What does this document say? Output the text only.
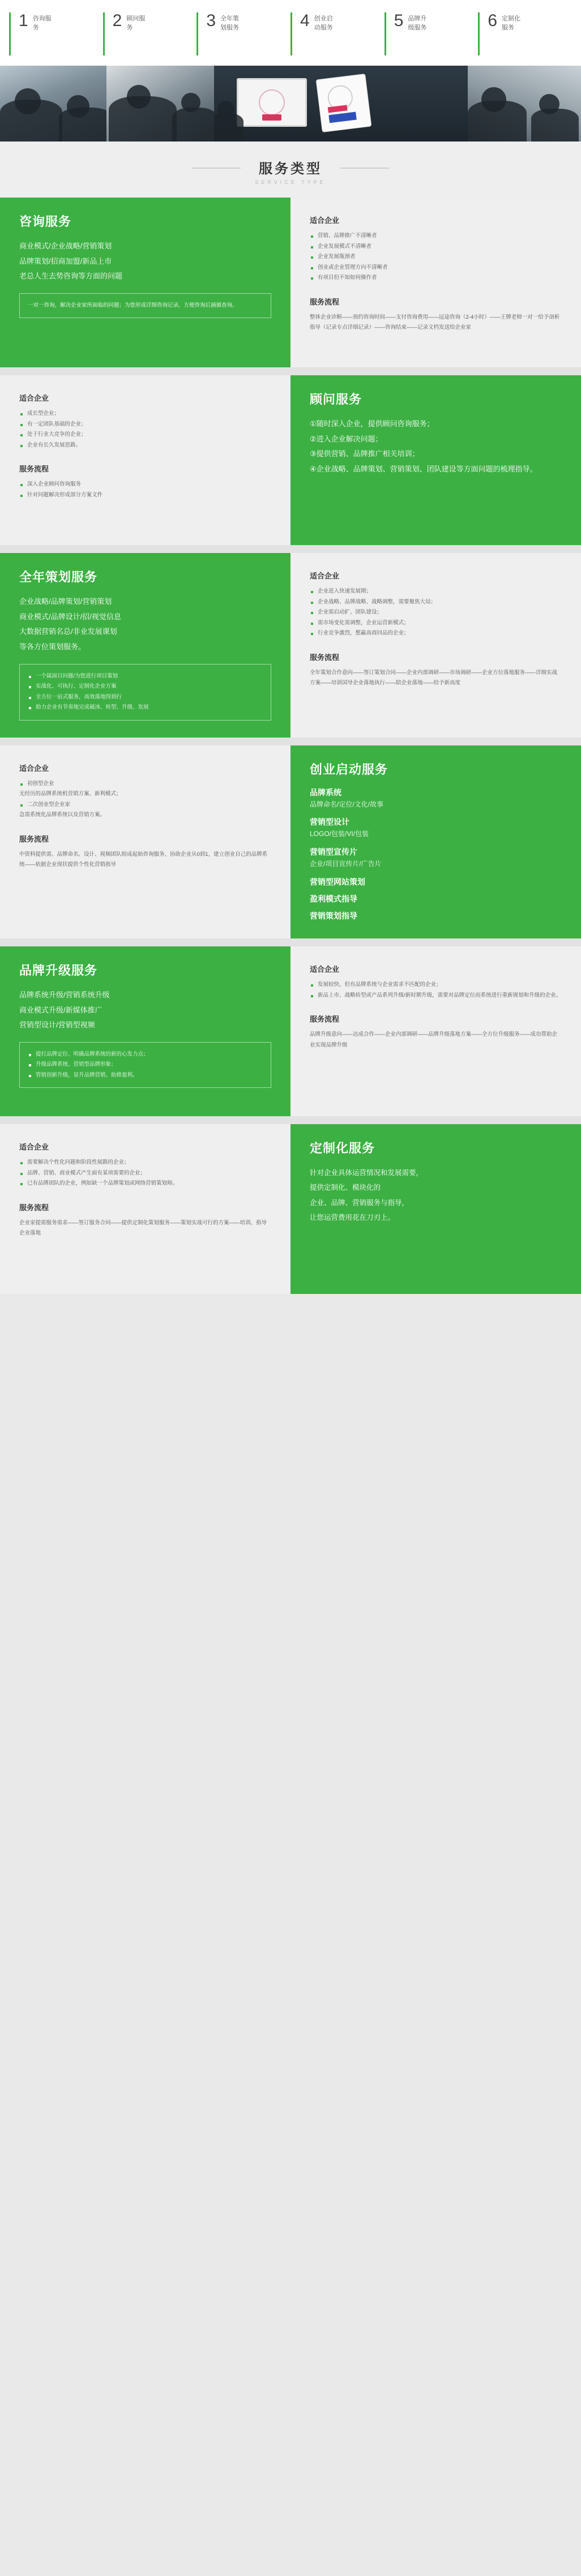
1 咨询服务	2 顾问服务	3 全年策划服务	4 创业启动服务	5 品牌升级服务	6 定制化服务
服务类型
SERVICE TYPE
咨询服务
商业模式/企业战略/营销策划
品牌策划/招商加盟/新品上市
老总人生去势咨询等方面的问题
一对一咨询，解决企业家所面临的问题；为您形成详细咨询记录，方便咨询后涵循查询。
适合企业
营销、品牌推广不清晰者
企业发展模式不清晰者
企业发展瓶颈者
创业或企业管理方向不清晰者
有项目但不知如何操作者
服务流程
整体企业诊断——预约咨询时间——支付咨询费用——远途咨询（2-4小时）——王牌老师一对一给予剖析指导（记录专点详细记录）——咨询结束——记录文档发送给企业家
适合企业
成长型企业；
有一定团队基础的企业；
处于行业大竞争的企业；
企业有长久发展思路。
服务流程
深入企业顾问咨询服务
针对问题解决形成部分方案文件
顾问服务
①随时深入企业，提供顾问咨询服务；
②进入企业解决问题；
③提供营销、品牌推广相关培训；
④企业战略、品牌策划、营销策划、团队建设等方面问题的梳理指导。
全年策划服务
企业战略/品牌策划/营销策划
商业模式/品牌设计/招/视觉信息
大数据营销名总/非业发展课划
等各方位策划服务。
一个属面目问题/为您进行项目策划
实战化、可执行、定制化企业方案
全方位一站式服务，高效落地得到行
助力企业有节奏地完成破冰、转型、升级、发展
适合企业
企业进入快速发展期；
企业战略、品牌战略、战略调整，需要聚焦大局；
企业需启动扩、团队建设；
需市场变化需调整，企业运营新模式；
行业竞争激烈，想赢高商回品的企业；
服务流程
全年策划合作意向——签订策划合同——企业内部调研——市场调研——企业方位落地服务——详细实战方案——培训国导企业落地执行——陪企业落地——给予新高度
适合企业
初创型企业
无经历的品牌系统机营销方案、新利模式；
二次创业型企业家
急需系统化品牌系统以及营销方案。
服务流程
中资料提供需、品牌命名、设计、视频团队组成起始咨询服务、协助企业从0到1，建立创业自己的品牌系统——依据企业现状提供个性化营销指导
创业启动服务
品牌系统
品牌命名/定位/文化/故事
营销型设计
LOGO/包装/VI/包装
营销型宣传片
企业/项目宣传片/广告片
营销型网站策划
盈利模式指导
营销策划指导
品牌升级服务
品牌系统升级/营销系统升级
商业模式升级/新媒体推广
营销型设计/营销型视频
提打品牌定位、明确品牌系统的新的心发力点；
升级品牌系统、营销型品牌形象；
管销创新升级，显升品牌营销、助推盈利。
适合企业
发展较快，但有品牌系统与企业需求不匹配的企业；
新品上市、战略转型或产品系列升级/新时期升级，需要对品牌定位而系统进行重新规划和升级的企业。
服务流程
品牌升级意向——达成合作——企业内部调研——品牌升级落地方案——全方位升级服务——成功帮助企业实现品牌升级
适合企业
需要解决个性化问题和阶段性展路的企业；
品牌、营销、商业模式产生面有某项需要的企业；
已有品牌团队的企业，例如缺一个品牌策划或网络营销策划师。
服务流程
企业家提需服务需求——签订服务合同——提供定制化策划服务——策划实战可行的方案——培训、指导企业落地
定制化服务
针对企业具体运营情况和发展需要，
提供定制化、模块化的
企业、品牌、营销服务与指导，
让您运营费用花在刀刃上。
